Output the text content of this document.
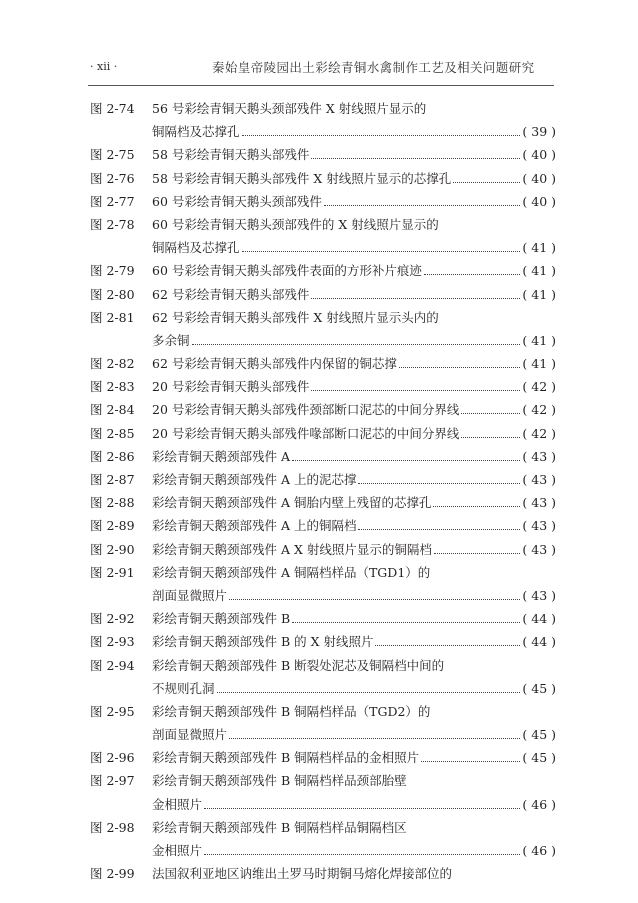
· xii ·	秦始皇帝陵园出土彩绘青铜水禽制作工艺及相关问题研究
图 2-74	56 号彩绘青铜天鹅头颈部残件 X 射线照片显示的
铜隔档及芯撑孔	( 39 )
图 2-75	58 号彩绘青铜天鹅头部残件	( 40 )
图 2-76	58 号彩绘青铜天鹅头部残件 X 射线照片显示的芯撑孔	( 40 )
图 2-77	60 号彩绘青铜天鹅头颈部残件	( 40 )
图 2-78	60 号彩绘青铜天鹅头颈部残件的 X 射线照片显示的
铜隔档及芯撑孔	( 41 )
图 2-79	60 号彩绘青铜天鹅头部残件表面的方形补片痕迹	( 41 )
图 2-80	62 号彩绘青铜天鹅头部残件	( 41 )
图 2-81	62 号彩绘青铜天鹅头部残件 X 射线照片显示头内的
多余铜	( 41 )
图 2-82	62 号彩绘青铜天鹅头部残件内保留的铜芯撑	( 41 )
图 2-83	20 号彩绘青铜天鹅头部残件	( 42 )
图 2-84	20 号彩绘青铜天鹅头部残件颈部断口泥芯的中间分界线	( 42 )
图 2-85	20 号彩绘青铜天鹅头部残件喙部断口泥芯的中间分界线	( 42 )
图 2-86	彩绘青铜天鹅颈部残件 A	( 43 )
图 2-87	彩绘青铜天鹅颈部残件 A 上的泥芯撑	( 43 )
图 2-88	彩绘青铜天鹅颈部残件 A 铜胎内壁上残留的芯撑孔	( 43 )
图 2-89	彩绘青铜天鹅颈部残件 A 上的铜隔档	( 43 )
图 2-90	彩绘青铜天鹅颈部残件 A X 射线照片显示的铜隔档	( 43 )
图 2-91	彩绘青铜天鹅颈部残件 A 铜隔档样品（TGD1）的
剖面显微照片	( 43 )
图 2-92	彩绘青铜天鹅颈部残件 B	( 44 )
图 2-93	彩绘青铜天鹅颈部残件 B 的 X 射线照片	( 44 )
图 2-94	彩绘青铜天鹅颈部残件 B 断裂处泥芯及铜隔档中间的
不规则孔洞	( 45 )
图 2-95	彩绘青铜天鹅颈部残件 B 铜隔档样品（TGD2）的
剖面显微照片	( 45 )
图 2-96	彩绘青铜天鹅颈部残件 B 铜隔档样品的金相照片	( 45 )
图 2-97	彩绘青铜天鹅颈部残件 B 铜隔档样品颈部胎壁
金相照片	( 46 )
图 2-98	彩绘青铜天鹅颈部残件 B 铜隔档样品铜隔档区
金相照片	( 46 )
图 2-99	法国叙利亚地区讷维出土罗马时期铜马熔化焊接部位的
